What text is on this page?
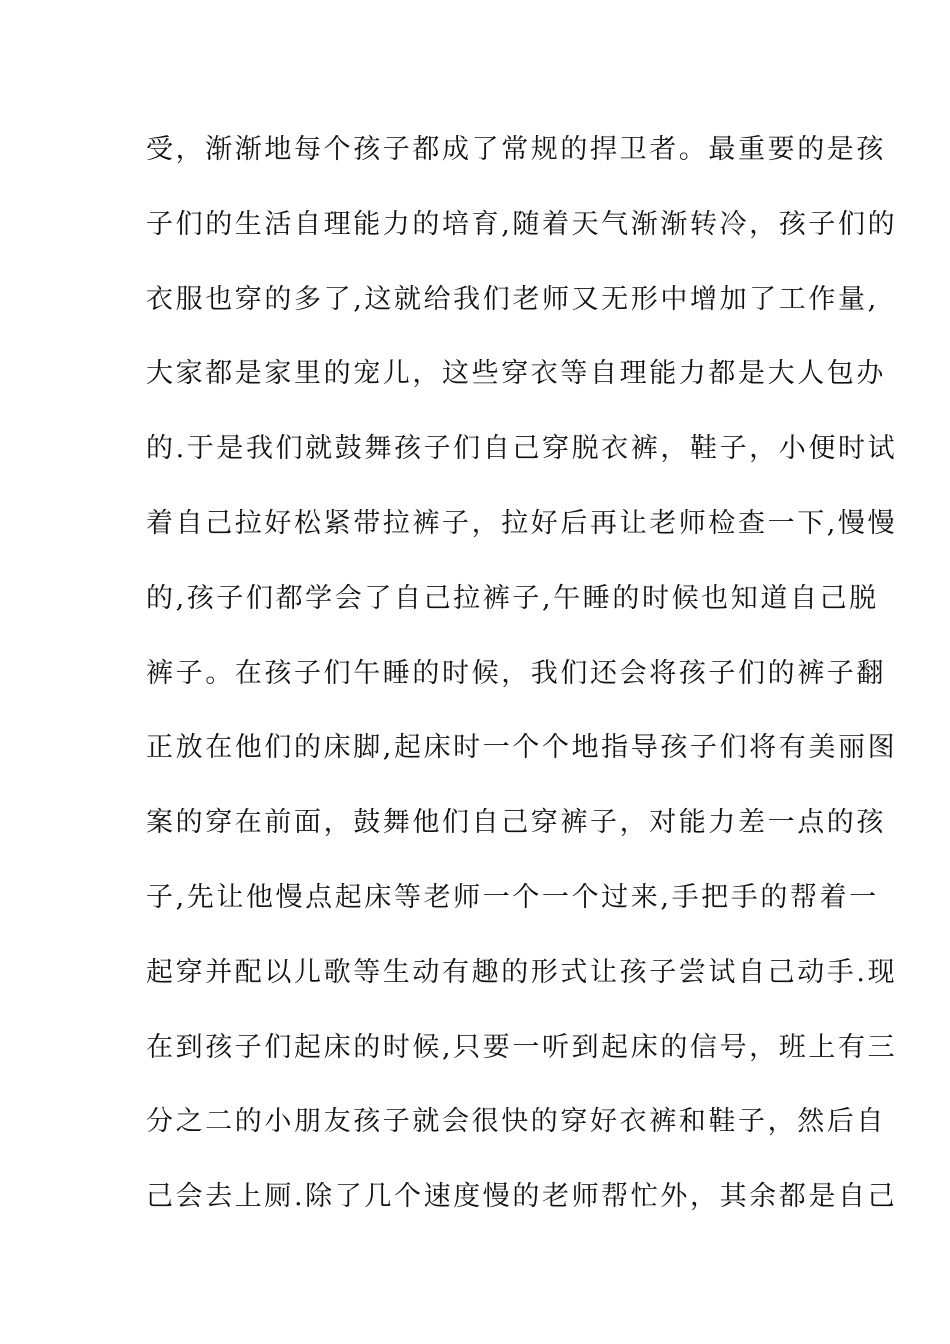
受，渐渐地每个孩子都成了常规的捍卫者。最重要的是孩
子们的生活自理能力的培育,随着天气渐渐转冷，孩子们的
衣服也穿的多了,这就给我们老师又无形中增加了工作量,
大家都是家里的宠儿，这些穿衣等自理能力都是大人包办
的.于是我们就鼓舞孩子们自己穿脱衣裤，鞋子，小便时试
着自己拉好松紧带拉裤子，拉好后再让老师检查一下,慢慢
的,孩子们都学会了自己拉裤子,午睡的时候也知道自己脱
裤子。在孩子们午睡的时候，我们还会将孩子们的裤子翻
正放在他们的床脚,起床时一个个地指导孩子们将有美丽图
案的穿在前面，鼓舞他们自己穿裤子，对能力差一点的孩
子,先让他慢点起床等老师一个一个过来,手把手的帮着一
起穿并配以儿歌等生动有趣的形式让孩子尝试自己动手.现
在到孩子们起床的时候,只要一听到起床的信号，班上有三
分之二的小朋友孩子就会很快的穿好衣裤和鞋子，然后自
己会去上厕.除了几个速度慢的老师帮忙外，其余都是自己
